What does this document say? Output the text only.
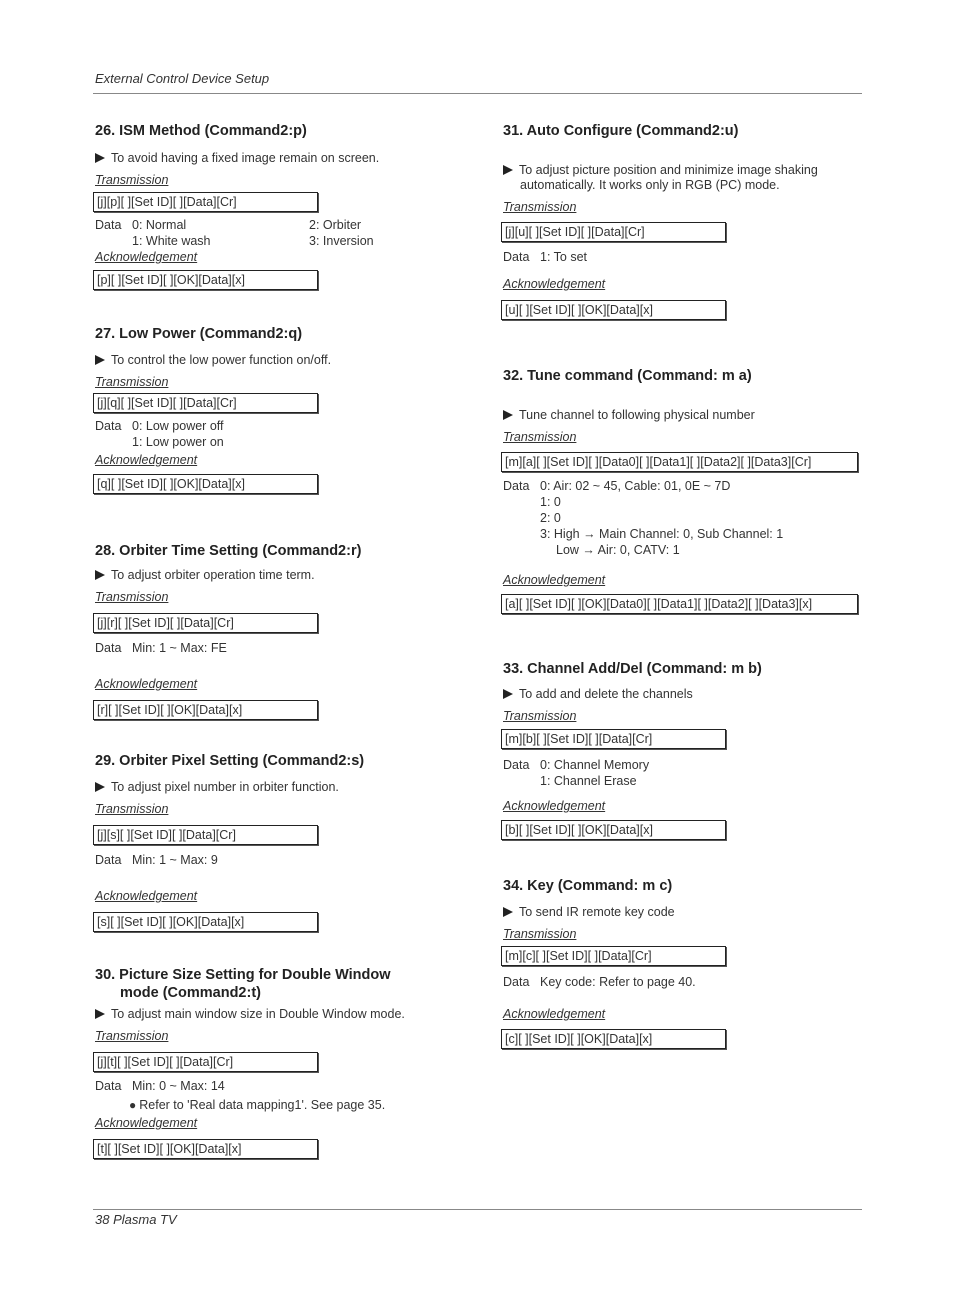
External Control Device Setup
26. ISM Method (Command2:p)
To avoid having a fixed image remain on screen.
Transmission
[j][p][ ][Set ID][ ][Data][Cr]
Data 0: Normal
1: White wash
2: Orbiter
3: Inversion
Acknowledgement
[p][ ][Set ID][ ][OK][Data][x]
27. Low Power (Command2:q)
To control the low power function on/off.
Transmission
[j][q][ ][Set ID][ ][Data][Cr]
Data 0: Low power off
1: Low power on
Acknowledgement
[q][ ][Set ID][ ][OK][Data][x]
28. Orbiter Time Setting (Command2:r)
To adjust orbiter operation time term.
Transmission
[j][r][ ][Set ID][ ][Data][Cr]
Data Min: 1 ~ Max: FE
Acknowledgement
[r][ ][Set ID][ ][OK][Data][x]
29. Orbiter Pixel Setting (Command2:s)
To adjust pixel number in orbiter function.
Transmission
[j][s][ ][Set ID][ ][Data][Cr]
Data Min: 1 ~ Max: 9
Acknowledgement
[s][ ][Set ID][ ][OK][Data][x]
30. Picture Size Setting for Double Window
mode (Command2:t)
To adjust main window size in Double Window mode.
Transmission
[j][t][ ][Set ID][ ][Data][Cr]
Data Min: 0 ~ Max: 14
● Refer to 'Real data mapping1'. See page 35.
Acknowledgement
[t][ ][Set ID][ ][OK][Data][x]
31. Auto Configure (Command2:u)
To adjust picture position and minimize image shaking
automatically. It works only in RGB (PC) mode.
Transmission
[j][u][ ][Set ID][ ][Data][Cr]
Data 1: To set
Acknowledgement
[u][ ][Set ID][ ][OK][Data][x]
32. Tune command (Command: m a)
Tune channel to following physical number
Transmission
[m][a][ ][Set ID][ ][Data0][ ][Data1][ ][Data2][ ][Data3][Cr]
Data 0: Air: 02 ~ 45, Cable: 01, 0E ~ 7D
1: 0
2: 0
3: High → Main Channel: 0, Sub Channel: 1
Low → Air: 0, CATV: 1
Acknowledgement
[a][ ][Set ID][ ][OK][Data0][ ][Data1][ ][Data2][ ][Data3][x]
33. Channel Add/Del (Command: m b)
To add and delete the channels
Transmission
[m][b][ ][Set ID][ ][Data][Cr]
Data 0: Channel Memory
1: Channel Erase
Acknowledgement
[b][ ][Set ID][ ][OK][Data][x]
34. Key (Command: m c)
To send IR remote key code
Transmission
[m][c][ ][Set ID][ ][Data][Cr]
Data Key code: Refer to page 40.
Acknowledgement
[c][ ][Set ID][ ][OK][Data][x]
38 Plasma TV
